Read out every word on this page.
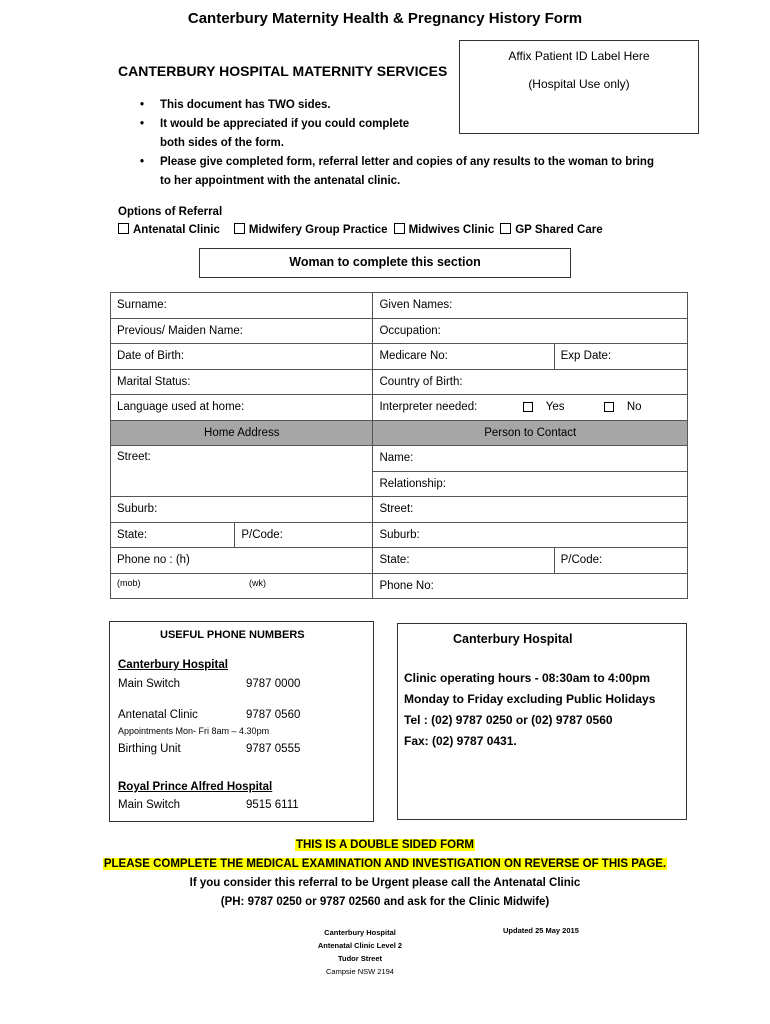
Canterbury Maternity Health & Pregnancy History Form
Affix Patient ID Label Here
(Hospital Use only)
CANTERBURY HOSPITAL MATERNITY SERVICES
• This document has TWO sides.
• It would be appreciated if you could complete
both sides of the form.
• Please give completed form, referral letter and copies of any results to the woman to bring
to her appointment with the antenatal clinic.
Options of Referral
Antenatal Clinic	Midwifery Group Practice	Midwives Clinic	GP Shared Care
Woman to complete this section
Surname:		Given Names:	
Previous/ Maiden Name:		Occupation:	
Date of Birth:		Medicare No:	Exp Date:
Marital Status:		Country of Birth:	
Language used at home:		Interpreter needed: Yes No	
Home Address		Person to Contact	
Street:		Name:	
		Relationship:	
Suburb:		Street:	
State:	P/Code:	Suburb:	
Phone no : (h)		State:	P/Code:
(mob) (wk)		Phone No:	
USEFUL PHONE NUMBERS
Canterbury Hospital
Main Switch	9787 0000
Antenatal Clinic	9787 0560
Appointments Mon- Fri 8am – 4.30pm
Birthing Unit	9787 0555
Royal Prince Alfred Hospital
Main Switch	9515 6111
Canterbury Hospital
Clinic operating hours - 08:30am to 4:00pm
Monday to Friday excluding Public Holidays
Tel : (02) 9787 0250 or (02) 9787 0560
Fax: (02) 9787 0431.
THIS IS A DOUBLE SIDED FORM
PLEASE COMPLETE THE MEDICAL EXAMINATION AND INVESTIGATION ON REVERSE OF THIS PAGE.
If you consider this referral to be Urgent please call the Antenatal Clinic
(PH: 9787 0250 or 9787 02560 and ask for the Clinic Midwife)
Canterbury Hospital
Antenatal Clinic Level 2
Tudor Street
Campsie NSW 2194
Updated 25 May 2015
